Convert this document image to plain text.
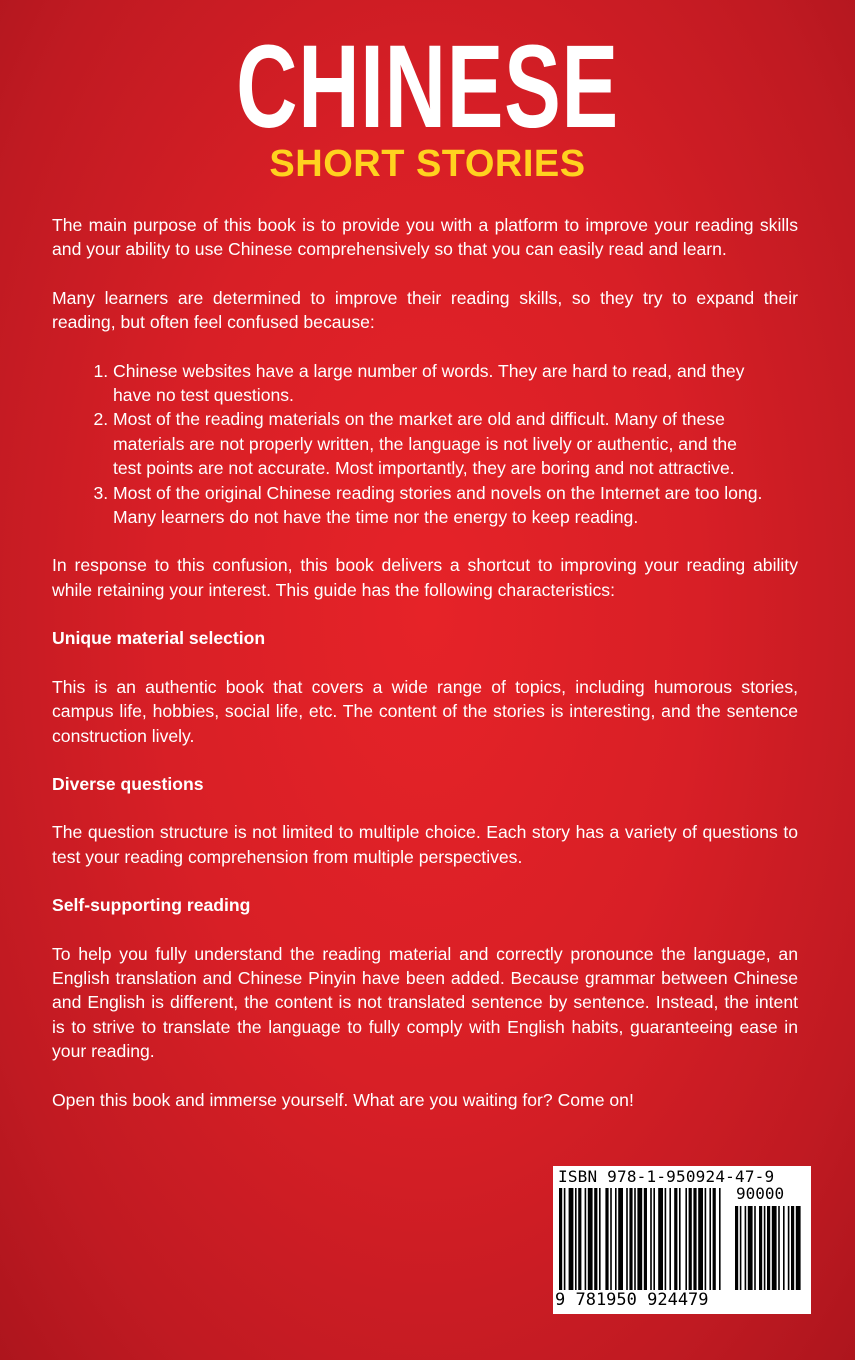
CHINESE
SHORT STORIES

The main purpose of this book is to provide you with a platform to improve your reading skills and your ability to use Chinese comprehensively so that you can easily read and learn.

Many learners are determined to improve their reading skills, so they try to expand their reading, but often feel confused because:

1. Chinese websites have a large number of words. They are hard to read, and they have no test questions.
2. Most of the reading materials on the market are old and difficult. Many of these materials are not properly written, the language is not lively or authentic, and the test points are not accurate. Most importantly, they are boring and not attractive.
3. Most of the original Chinese reading stories and novels on the Internet are too long. Many learners do not have the time nor the energy to keep reading.

In response to this confusion, this book delivers a shortcut to improving your reading ability while retaining your interest. This guide has the following characteristics:

Unique material selection

This is an authentic book that covers a wide range of topics, including humorous stories, campus life, hobbies, social life, etc. The content of the stories is interesting, and the sentence construction lively.

Diverse questions

The question structure is not limited to multiple choice. Each story has a variety of questions to test your reading comprehension from multiple perspectives.

Self-supporting reading

To help you fully understand the reading material and correctly pronounce the language, an English translation and Chinese Pinyin have been added. Because grammar between Chinese and English is different, the content is not translated sentence by sentence. Instead, the intent is to strive to translate the language to fully comply with English habits, guaranteeing ease in your reading.

Open this book and immerse yourself. What are you waiting for? Come on!

ISBN 978-1-950924-47-9
90000
9 781950 924479
